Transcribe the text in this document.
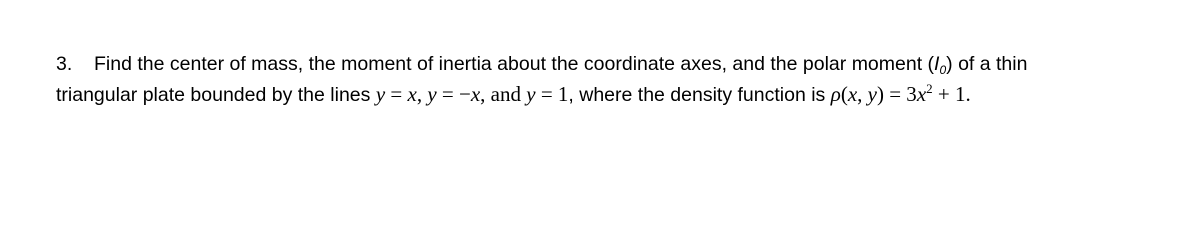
3. Find the center of mass, the moment of inertia about the coordinate axes, and the polar moment $(I_0)$ of a thin
triangular plate bounded by the lines y = x, y = −x, and y = 1, where the density function is ρ(x, $y) = 3x^2 + 1$.
